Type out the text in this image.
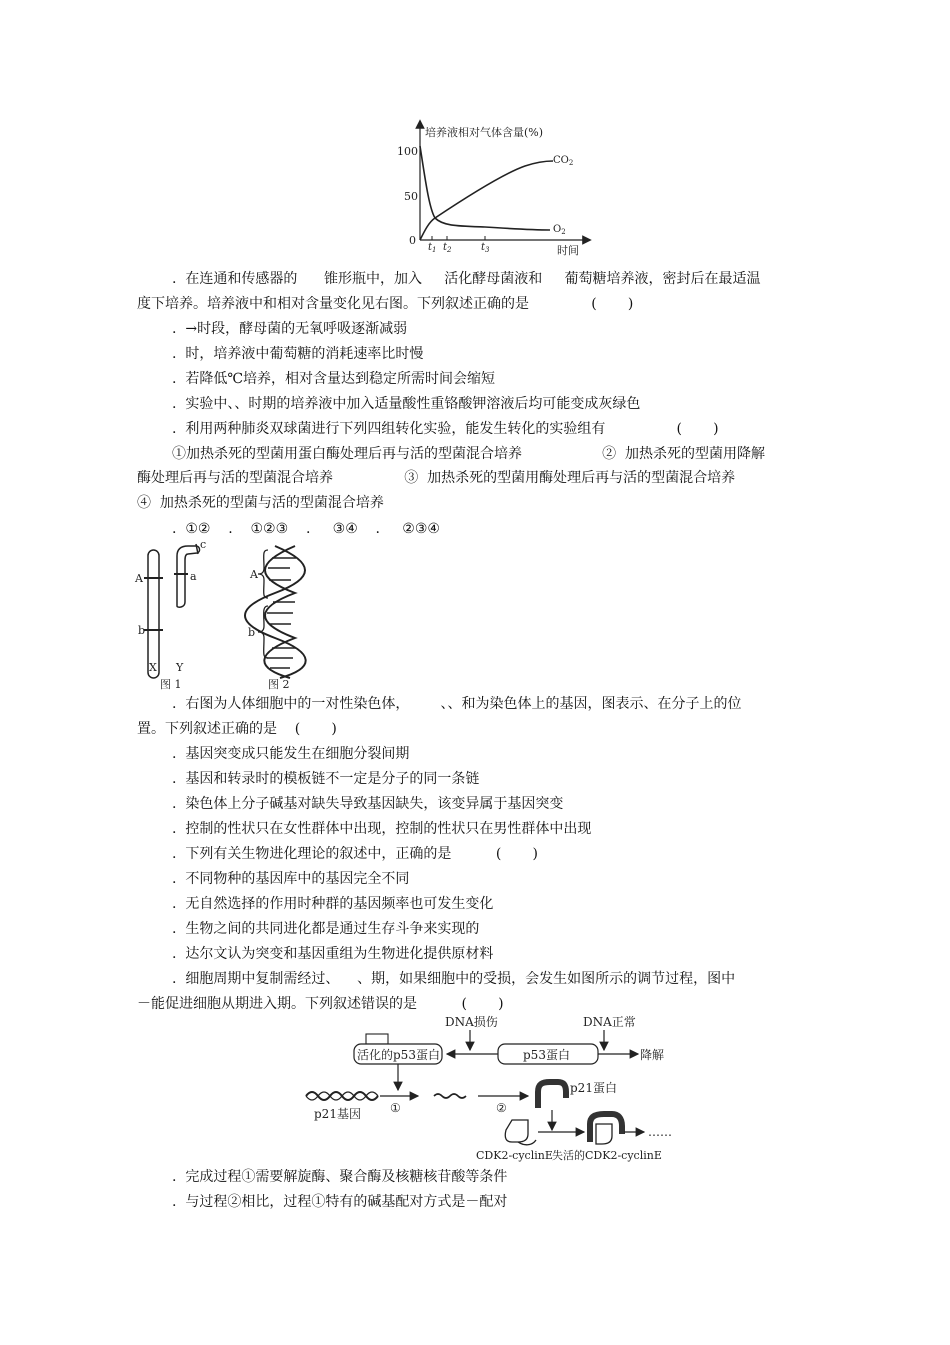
培养液相对气体含量(%)
100
50
0
$t_1$ $t_2$	$t_3$	时间
$CO_2$
$O_2$
.  在连通和传感器的      锥形瓶中，加入     活化酵母菌液和     葡萄糖培养液，密封后在最适温
度下培养。培养液中和相对含量变化见右图。下列叙述正确的是              (       )
.  →时段，酵母菌的无氧呼吸逐渐减弱
.  时，培养液中葡萄糖的消耗速率比时慢
.  若降低℃培养，相对含量达到稳定所需时间会缩短
.  实验中、、时期的培养液中加入适量酸性重铬酸钾溶液后均可能变成灰绿色
.  利用两种肺炎双球菌进行下列四组转化实验，能发生转化的实验组有                (       )
①加热杀死的型菌用蛋白酶处理后再与活的型菌混合培养                  ②  加热杀死的型菌用降解
酶处理后再与活的型菌混合培养                ③  加热杀死的型菌用酶处理后再与活的型菌混合培养
④  加热杀死的型菌与活的型菌混合培养
.  ①②    .    ①②③    .     ③④    .     ②③④
A
b
c
a
X Y
图 1
A
b
图 2
.  右图为人体细胞中的一对性染色体，       、、和为染色体上的基因，图表示、在分子上的位
置。下列叙述正确的是    (       )
.  基因突变成只能发生在细胞分裂间期
.  基因和转录时的模板链不一定是分子的同一条链
.  染色体上分子碱基对缺失导致基因缺失，该变异属于基因突变
.  控制的性状只在女性群体中出现，控制的性状只在男性群体中出现
.  下列有关生物进化理论的叙述中，正确的是          (       )
.  不同物种的基因库中的基因完全不同
.  无自然选择的作用时种群的基因频率也可发生变化
.  生物之间的共同进化都是通过生存斗争来实现的
.  达尔文认为突变和基因重组为生物进化提供原材料
.  细胞周期中复制需经过、    、期，如果细胞中的受损，会发生如图所示的调节过程，图中
－能促进细胞从期进入期。下列叙述错误的是          (       )
DNA损伤	DNA正常
活化的p53蛋白	p53蛋白	降解
p21基因 ①	②
p21蛋白
CDK2-cyclinE 失活的CDK2-cyclinE
……
.  完成过程①需要解旋酶、聚合酶及核糖核苷酸等条件
.  与过程②相比，过程①特有的碱基配对方式是－配对
